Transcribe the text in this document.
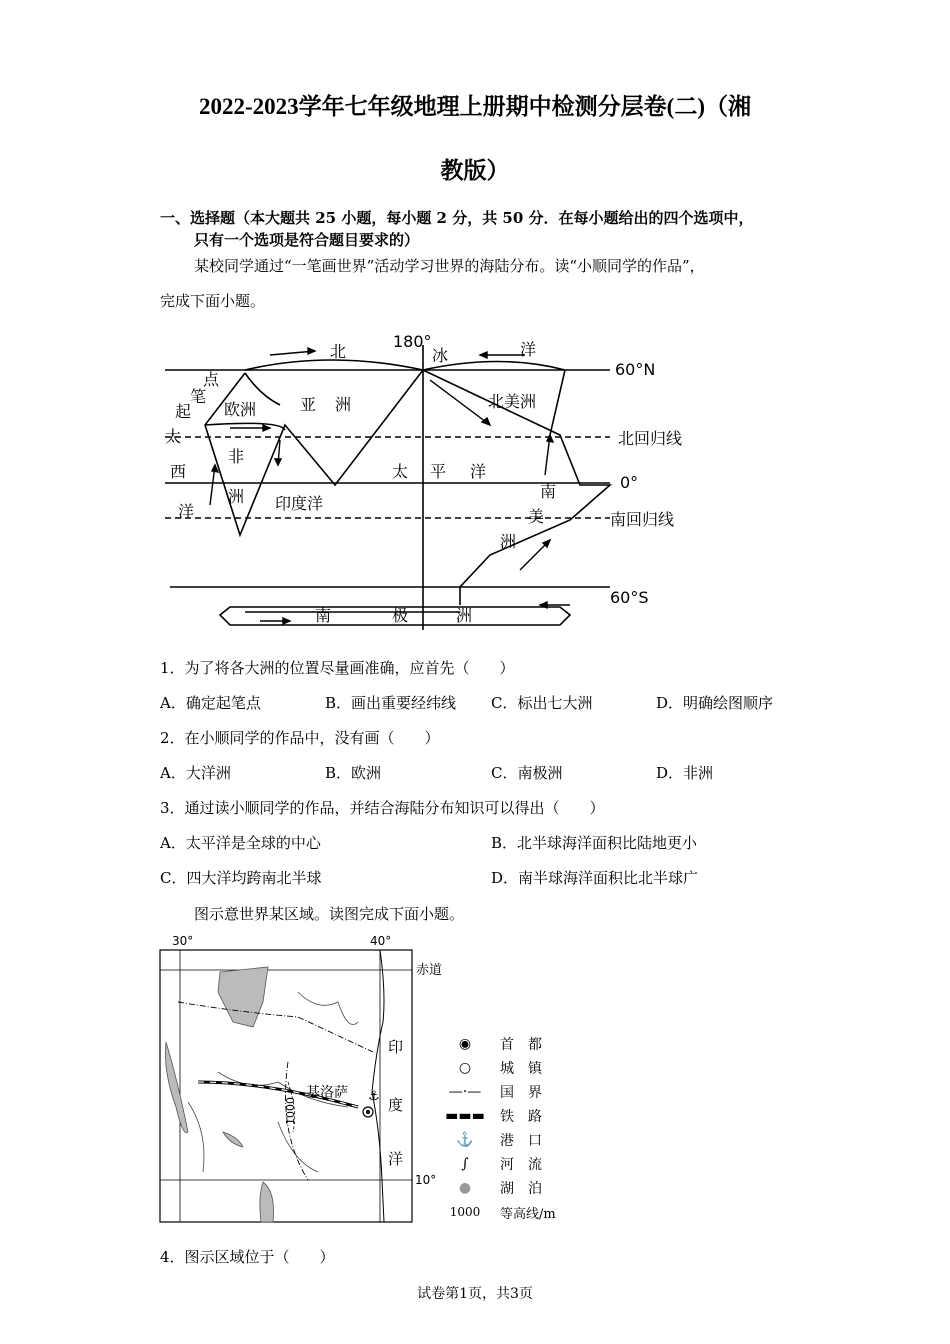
2022-2023学年七年级地理上册期中检测分层卷(二)（湘
教版）
一、选择题（本大题共 25 小题，每小题 2 分，共 50 分．在每小题给出的四个选项中，
只有一个选项是符合题目要求的）
某校同学通过“一笔画世界”活动学习世界的海陆分布。读“小顺同学的作品”，
完成下面小题。
180°
60°N
北回归线
0°
南回归线
60°S
北	冰	洋
点
笔
起 欧洲	亚 洲	北美洲
太
西
洋
非
洲 印度洋
太 平 洋
南
美
洲
南	极	洲
1．为了将各大洲的位置尽量画准确，应首先（　　）
A．确定起笔点	B．画出重要经纬线 C．标出七大洲	D．明确绘图顺序
2．在小顺同学的作品中，没有画（　　）
A．大洋洲	B．欧洲	C．南极洲	D．非洲
3．通过读小顺同学的作品，并结合海陆分布知识可以得出（　　）
A．太平洋是全球的中心	B．北半球海洋面积比陆地更小
C．四大洋均跨南北半球	D．南半球海洋面积比北半球广
图示意世界某区域。读图完成下面小题。
30°	40°
赤道
10°
1000
基洛萨 ⚓
印
度
洋
◉	首　都
○	城　镇
—·—	国　界
▬▬▬	铁　路
⚓	港　口
∫	河　流
●	湖　泊
1000	等高线/m
4．图示区域位于（　　）
试卷第1页，共3页
